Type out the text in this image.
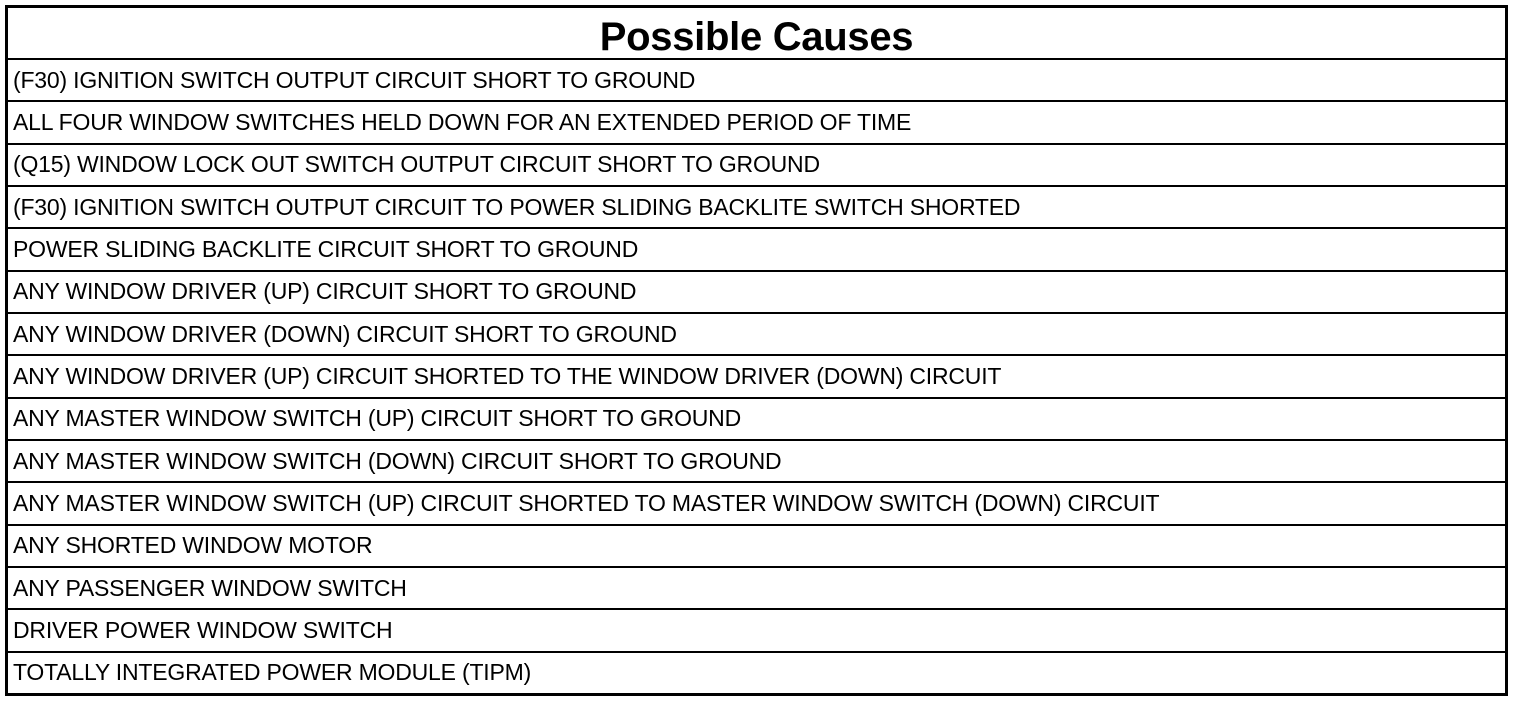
Possible Causes
(F30) IGNITION SWITCH OUTPUT CIRCUIT SHORT TO GROUND
ALL FOUR WINDOW SWITCHES HELD DOWN FOR AN EXTENDED PERIOD OF TIME
(Q15) WINDOW LOCK OUT SWITCH OUTPUT CIRCUIT SHORT TO GROUND
(F30) IGNITION SWITCH OUTPUT CIRCUIT TO POWER SLIDING BACKLITE SWITCH SHORTED
POWER SLIDING BACKLITE CIRCUIT SHORT TO GROUND
ANY WINDOW DRIVER (UP) CIRCUIT SHORT TO GROUND
ANY WINDOW DRIVER (DOWN) CIRCUIT SHORT TO GROUND
ANY WINDOW DRIVER (UP) CIRCUIT SHORTED TO THE WINDOW DRIVER (DOWN) CIRCUIT
ANY MASTER WINDOW SWITCH (UP) CIRCUIT SHORT TO GROUND
ANY MASTER WINDOW SWITCH (DOWN) CIRCUIT SHORT TO GROUND
ANY MASTER WINDOW SWITCH (UP) CIRCUIT SHORTED TO MASTER WINDOW SWITCH (DOWN) CIRCUIT
ANY SHORTED WINDOW MOTOR
ANY PASSENGER WINDOW SWITCH
DRIVER POWER WINDOW SWITCH
TOTALLY INTEGRATED POWER MODULE (TIPM)
